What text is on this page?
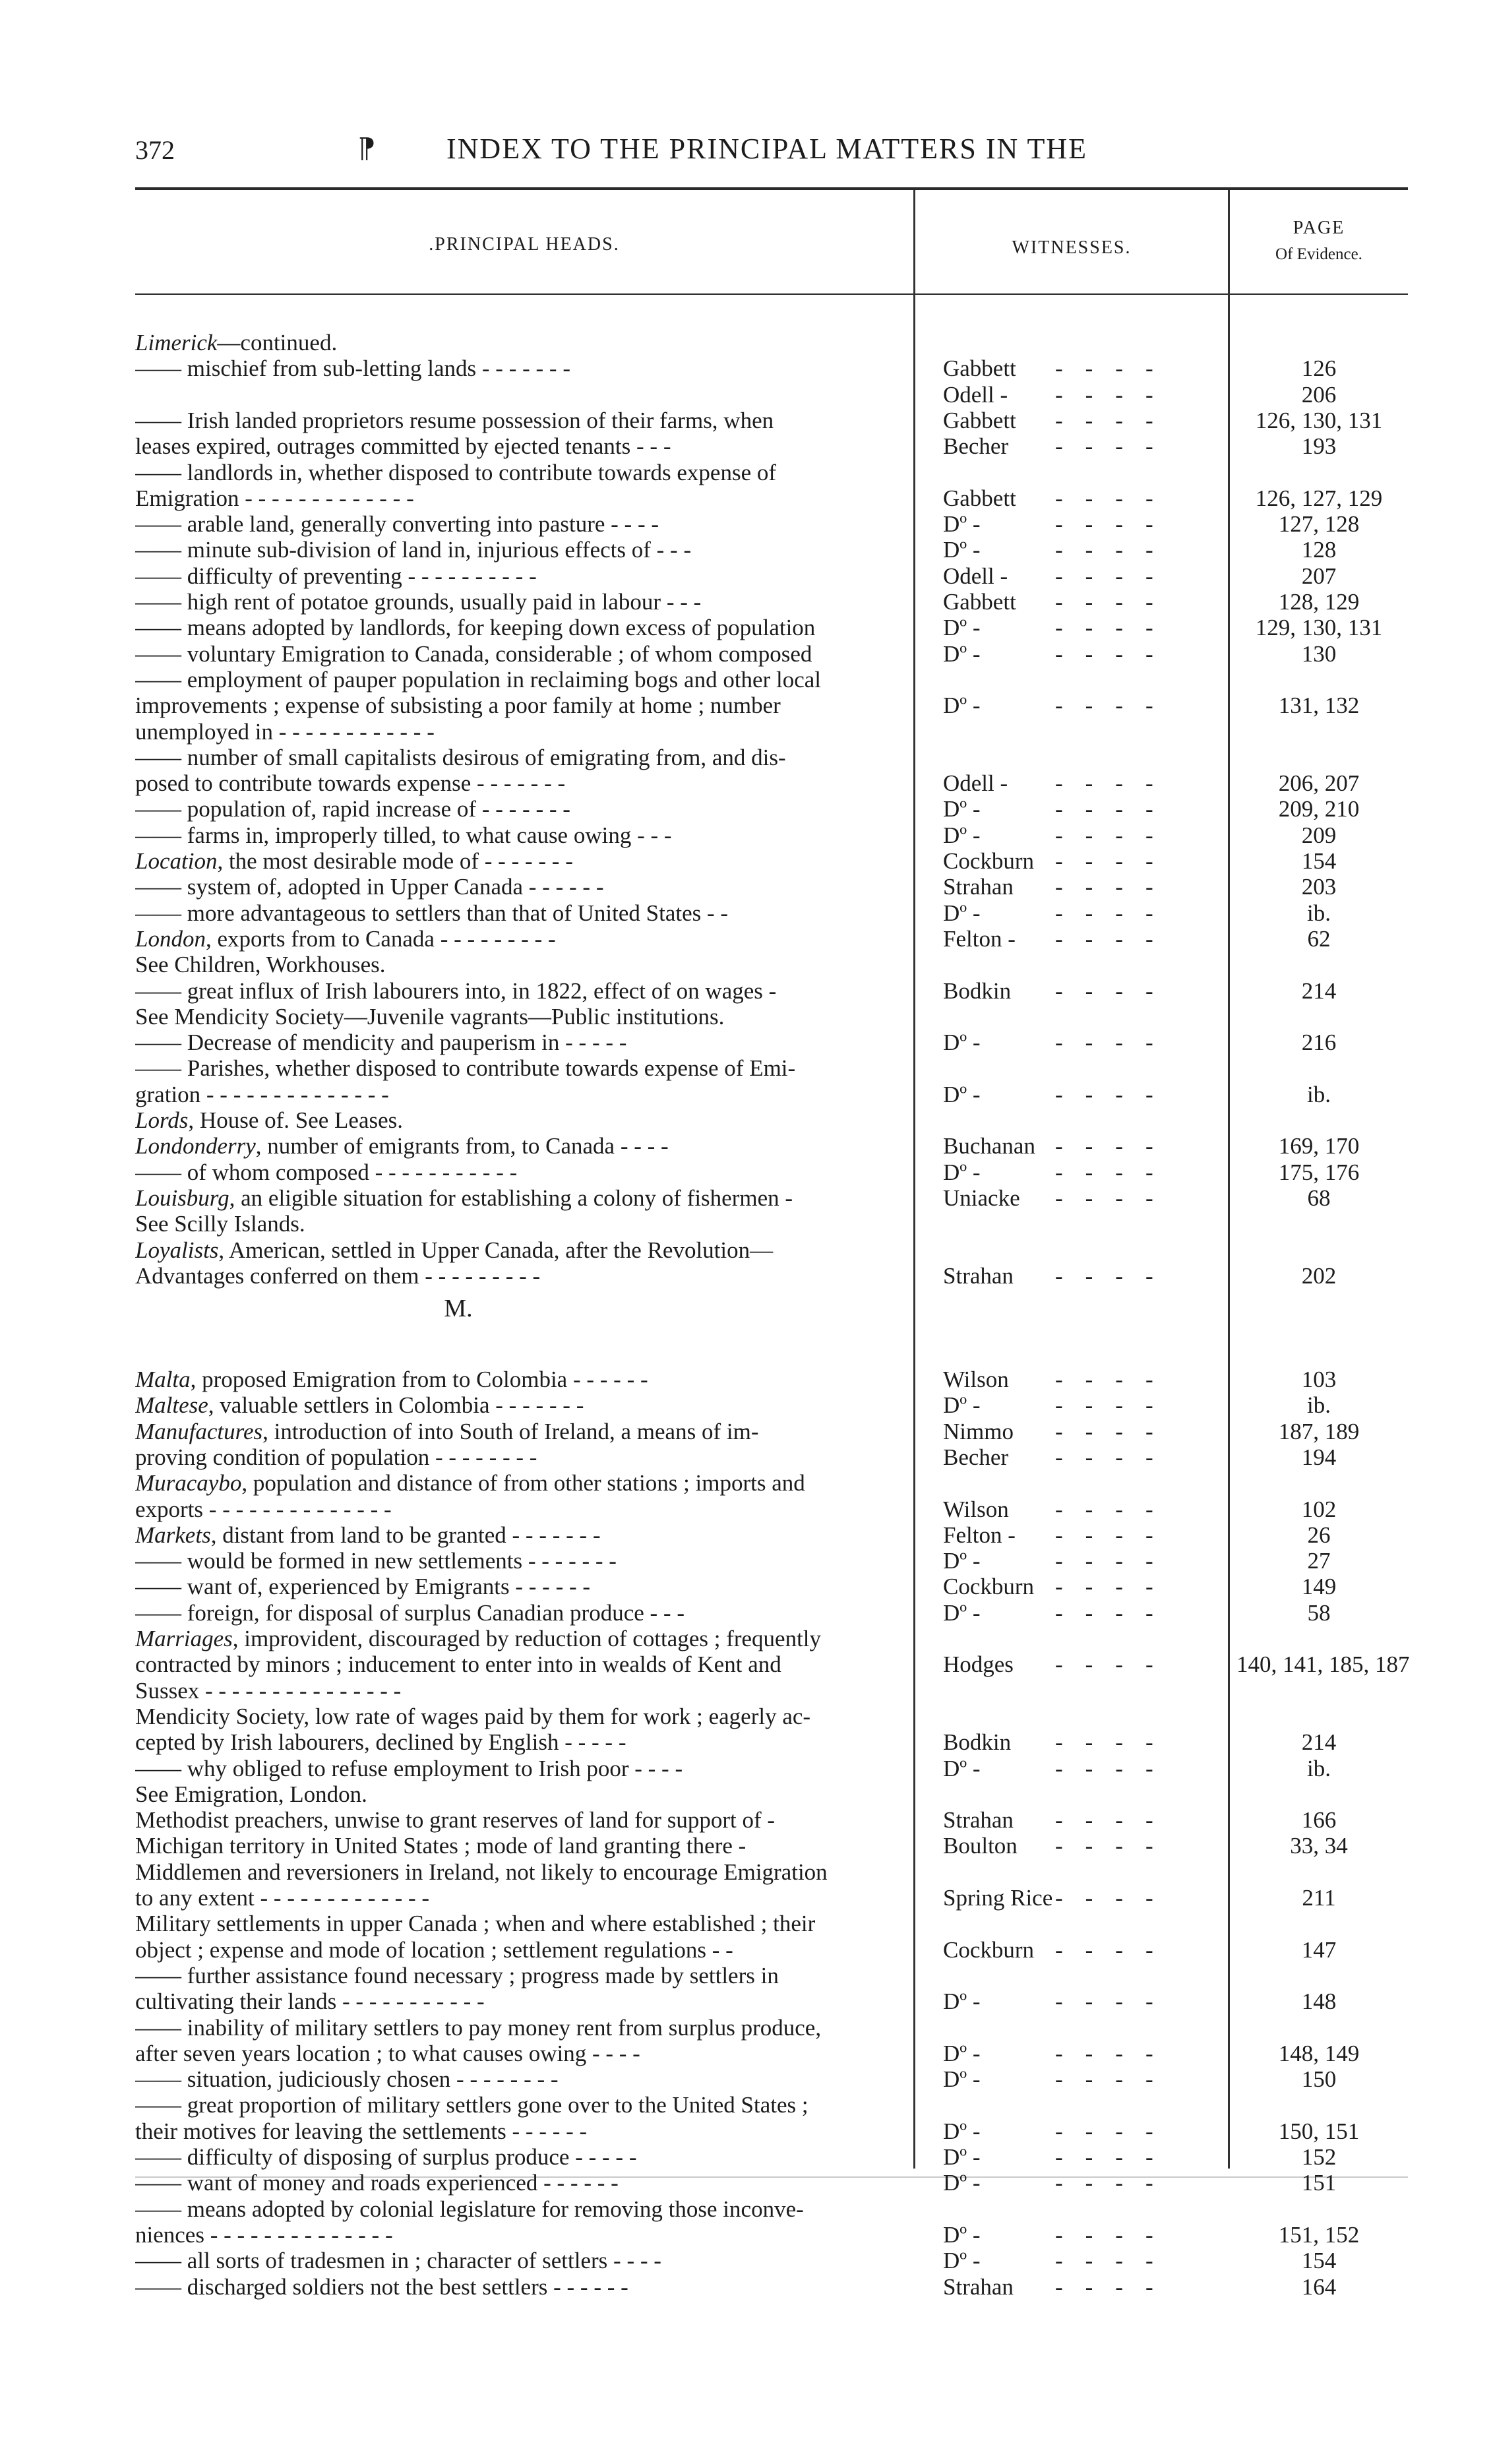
372	⁋ INDEX TO THE PRINCIPAL MATTERS IN THE
.PRINCIPAL HEADS.	WITNESSES.
PAGE
Of Evidence.
Limerick—continued.
—— mischief from sub-letting lands - - - - - - -	Gabbett	----	126
Odell -	----	206
—— Irish landed proprietors resume possession of their farms, when	Gabbett	----	126, 130, 131
leases expired, outrages committed by ejected tenants - - -	Becher	----	193
—— landlords in, whether disposed to contribute towards expense of
Emigration - - - - - - - - - - - - -	Gabbett	----	126, 127, 129
—— arable land, generally converting into pasture - - - -	Dº -	----	127, 128
—— minute sub-division of land in, injurious effects of - - -	Dº -	----	128
—— difficulty of preventing - - - - - - - - - -	Odell -	----	207
—— high rent of potatoe grounds, usually paid in labour - - -	Gabbett	----	128, 129
—— means adopted by landlords, for keeping down excess of population	Dº -	----	129, 130, 131
—— voluntary Emigration to Canada, considerable ; of whom composed	Dº -	----	130
—— employment of pauper population in reclaiming bogs and other local
improvements ; expense of subsisting a poor family at home ; number	Dº -	----	131, 132
unemployed in - - - - - - - - - - - -
—— number of small capitalists desirous of emigrating from, and dis-
posed to contribute towards expense - - - - - - -	Odell -	----	206, 207
—— population of, rapid increase of - - - - - - -	Dº -	----	209, 210
—— farms in, improperly tilled, to what cause owing - - -	Dº -	----	209
Location, the most desirable mode of - - - - - - -	Cockburn ----	154
—— system of, adopted in Upper Canada - - - - - -	Strahan	----	203
—— more advantageous to settlers than that of United States - -	Dº -	----	ib.
London, exports from to Canada - - - - - - - - -	Felton -	----	62
See Children, Workhouses.
—— great influx of Irish labourers into, in 1822, effect of on wages -	Bodkin	----	214
See Mendicity Society—Juvenile vagrants—Public institutions.
—— Decrease of mendicity and pauperism in - - - - -	Dº -	----	216
—— Parishes, whether disposed to contribute towards expense of Emi-
gration - - - - - - - - - - - - - -	Dº -	----	ib.
Lords, House of. See Leases.
Londonderry, number of emigrants from, to Canada - - - -	Buchanan ----	169, 170
—— of whom composed - - - - - - - - - - -	Dº -	----	175, 176
Louisburg, an eligible situation for establishing a colony of fishermen -	Uniacke	----	68
See Scilly Islands.
Loyalists, American, settled in Upper Canada, after the Revolution—
Advantages conferred on them - - - - - - - - -	Strahan	----	202
Malta, proposed Emigration from to Colombia - - - - - -	Wilson	----	103
Maltese, valuable settlers in Colombia - - - - - - -	Dº -	----	ib.
Manufactures, introduction of into South of Ireland, a means of im-	Nimmo	----	187, 189
proving condition of population - - - - - - - -	Becher	----	194
Muracaybo, population and distance of from other stations ; imports and
exports - - - - - - - - - - - - - -	Wilson	----	102
Markets, distant from land to be granted - - - - - - -	Felton -	----	26
—— would be formed in new settlements - - - - - - -	Dº -	----	27
—— want of, experienced by Emigrants - - - - - -	Cockburn ----	149
—— foreign, for disposal of surplus Canadian produce - - -	Dº -	----	58
Marriages, improvident, discouraged by reduction of cottages ; frequently
contracted by minors ; inducement to enter into in wealds of Kent and	Hodges	----	140, 141, 185, 187
Sussex - - - - - - - - - - - - - - -
Mendicity Society, low rate of wages paid by them for work ; eagerly ac-
cepted by Irish labourers, declined by English - - - - -	Bodkin	----	214
—— why obliged to refuse employment to Irish poor - - - -	Dº -	----	ib.
See Emigration, London.
Methodist preachers, unwise to grant reserves of land for support of -	Strahan	----	166
Michigan territory in United States ; mode of land granting there -	Boulton	----	33, 34
Middlemen and reversioners in Ireland, not likely to encourage Emigration
to any extent - - - - - - - - - - - - -	Spring Rice ----	211
Military settlements in upper Canada ; when and where established ; their
object ; expense and mode of location ; settlement regulations - -	Cockburn ----	147
—— further assistance found necessary ; progress made by settlers in
cultivating their lands - - - - - - - - - - -	Dº -	----	148
—— inability of military settlers to pay money rent from surplus produce,
after seven years location ; to what causes owing - - - -	Dº -	----	148, 149
—— situation, judiciously chosen - - - - - - - -	Dº -	----	150
—— great proportion of military settlers gone over to the United States ;
their motives for leaving the settlements - - - - - -	Dº -	----	150, 151
—— difficulty of disposing of surplus produce - - - - -	Dº -	----	152
—— want of money and roads experienced - - - - - -	Dº -	----	151
—— means adopted by colonial legislature for removing those inconve-
niences - - - - - - - - - - - - - -	Dº -	----	151, 152
—— all sorts of tradesmen in ; character of settlers - - - -	Dº -	----	154
—— discharged soldiers not the best settlers - - - - - -	Strahan	----	164
M.
